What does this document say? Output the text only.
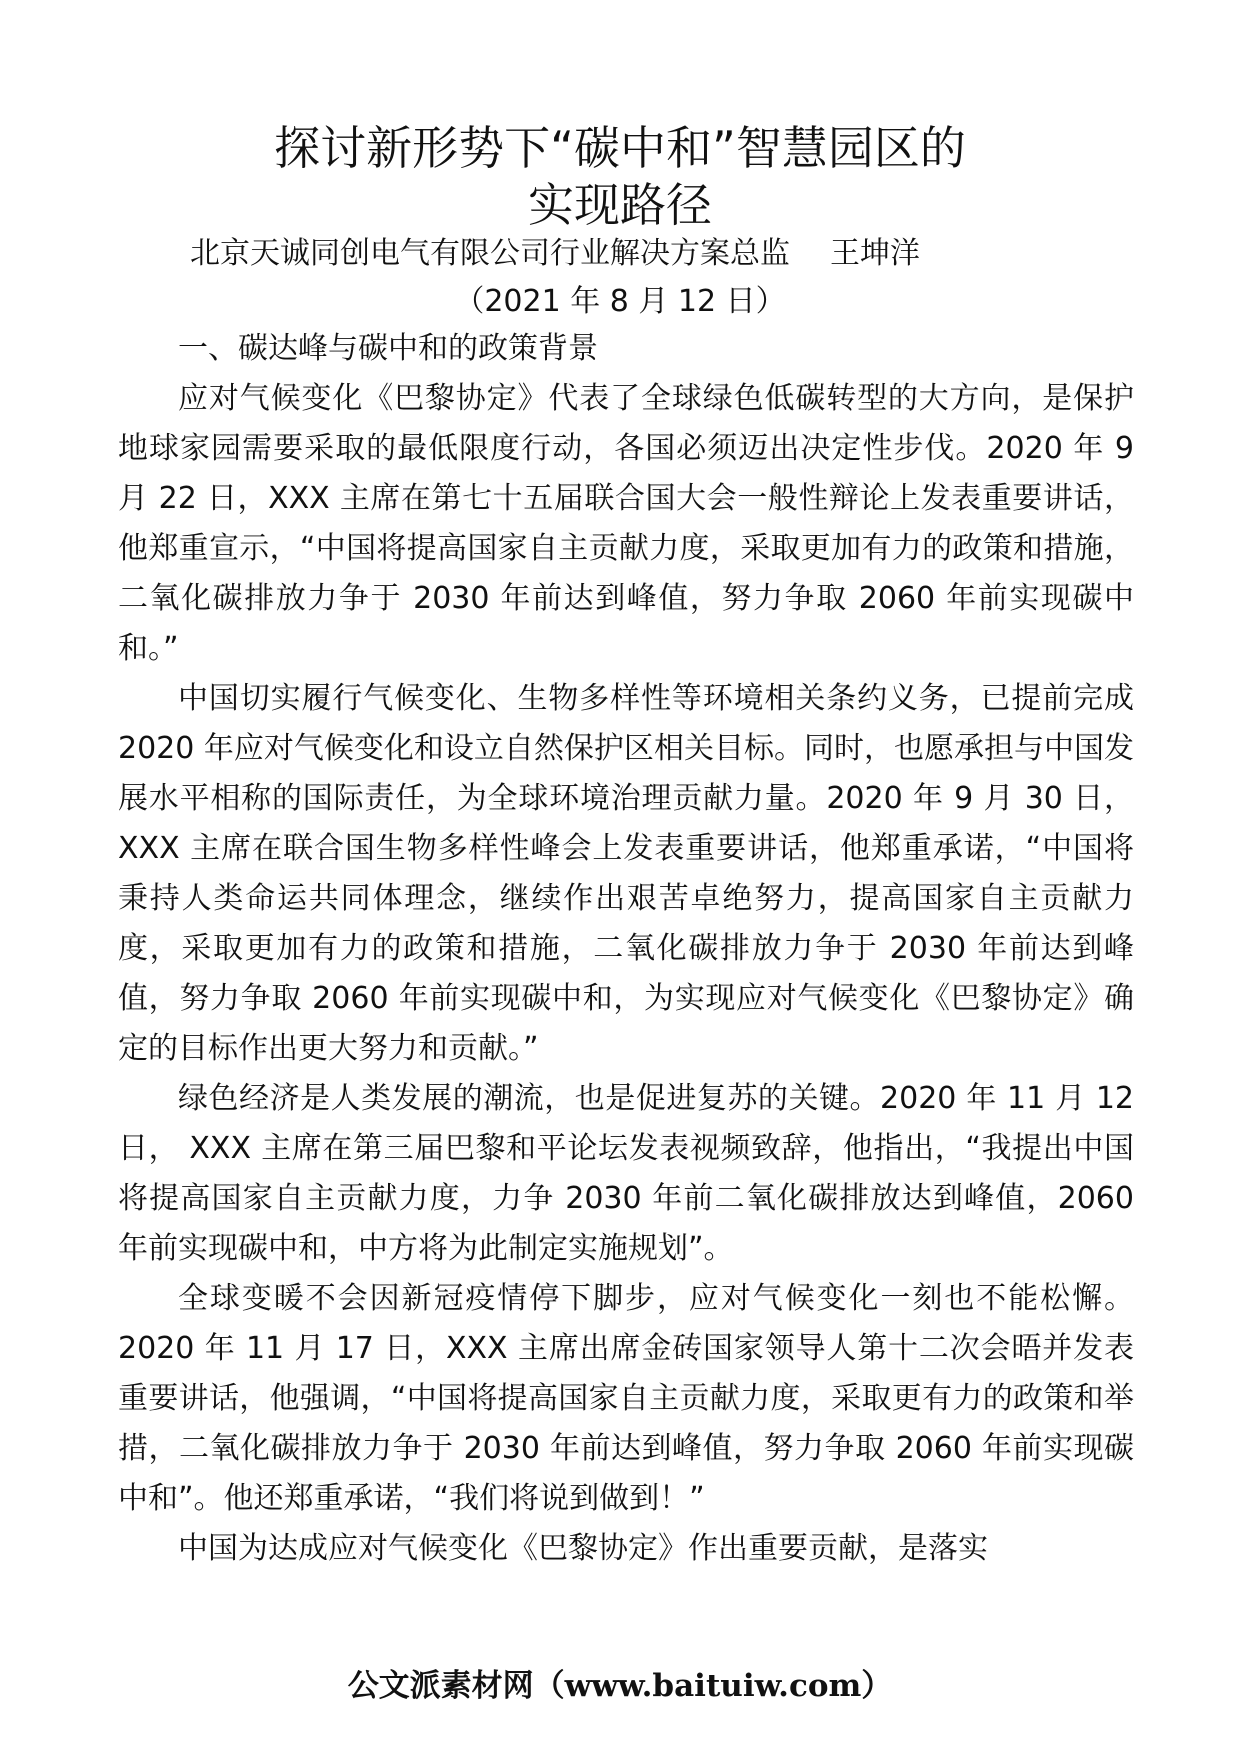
探讨新形势下“碳中和”智慧园区的
实现路径
北京天诚同创电气有限公司行业解决方案总监 王坤洋
（2021 年 8 月 12 日）

一、碳达峰与碳中和的政策背景

应对气候变化《巴黎协定》代表了全球绿色低碳转型的大方向，是保护地球家园需要采取的最低限度行动，各国必须迈出决定性步伐。2020 年 9 月 22 日，XXX 主席在第七十五届联合国大会一般性辩论上发表重要讲话，他郑重宣示，“中国将提高国家自主贡献力度，采取更加有力的政策和措施，二氧化碳排放力争于 2030 年前达到峰值，努力争取 2060 年前实现碳中和。”

中国切实履行气候变化、生物多样性等环境相关条约义务，已提前完成 2020 年应对气候变化和设立自然保护区相关目标。同时，也愿承担与中国发展水平相称的国际责任，为全球环境治理贡献力量。2020 年 9 月 30 日， XXX 主席在联合国生物多样性峰会上发表重要讲话，他郑重承诺，“中国将秉持人类命运共同体理念，继续作出艰苦卓绝努力，提高国家自主贡献力度，采取更加有力的政策和措施，二氧化碳排放力争于 2030 年前达到峰值，努力争取 2060 年前实现碳中和，为实现应对气候变化《巴黎协定》确定的目标作出更大努力和贡献。”

绿色经济是人类发展的潮流，也是促进复苏的关键。2020 年 11 月 12 日， XXX 主席在第三届巴黎和平论坛发表视频致辞，他指出，“我提出中国将提高国家自主贡献力度，力争 2030 年前二氧化碳排放达到峰值，2060 年前实现碳中和，中方将为此制定实施规划”。

全球变暖不会因新冠疫情停下脚步，应对气候变化一刻也不能松懈。2020 年 11 月 17 日，XXX 主席出席金砖国家领导人第十二次会晤并发表重要讲话，他强调，“中国将提高国家自主贡献力度，采取更有力的政策和举措，二氧化碳排放力争于 2030 年前达到峰值，努力争取 2060 年前实现碳中和”。他还郑重承诺，“我们将说到做到！”

中国为达成应对气候变化《巴黎协定》作出重要贡献，是落实

公文派素材网（www.baituiw.com）
